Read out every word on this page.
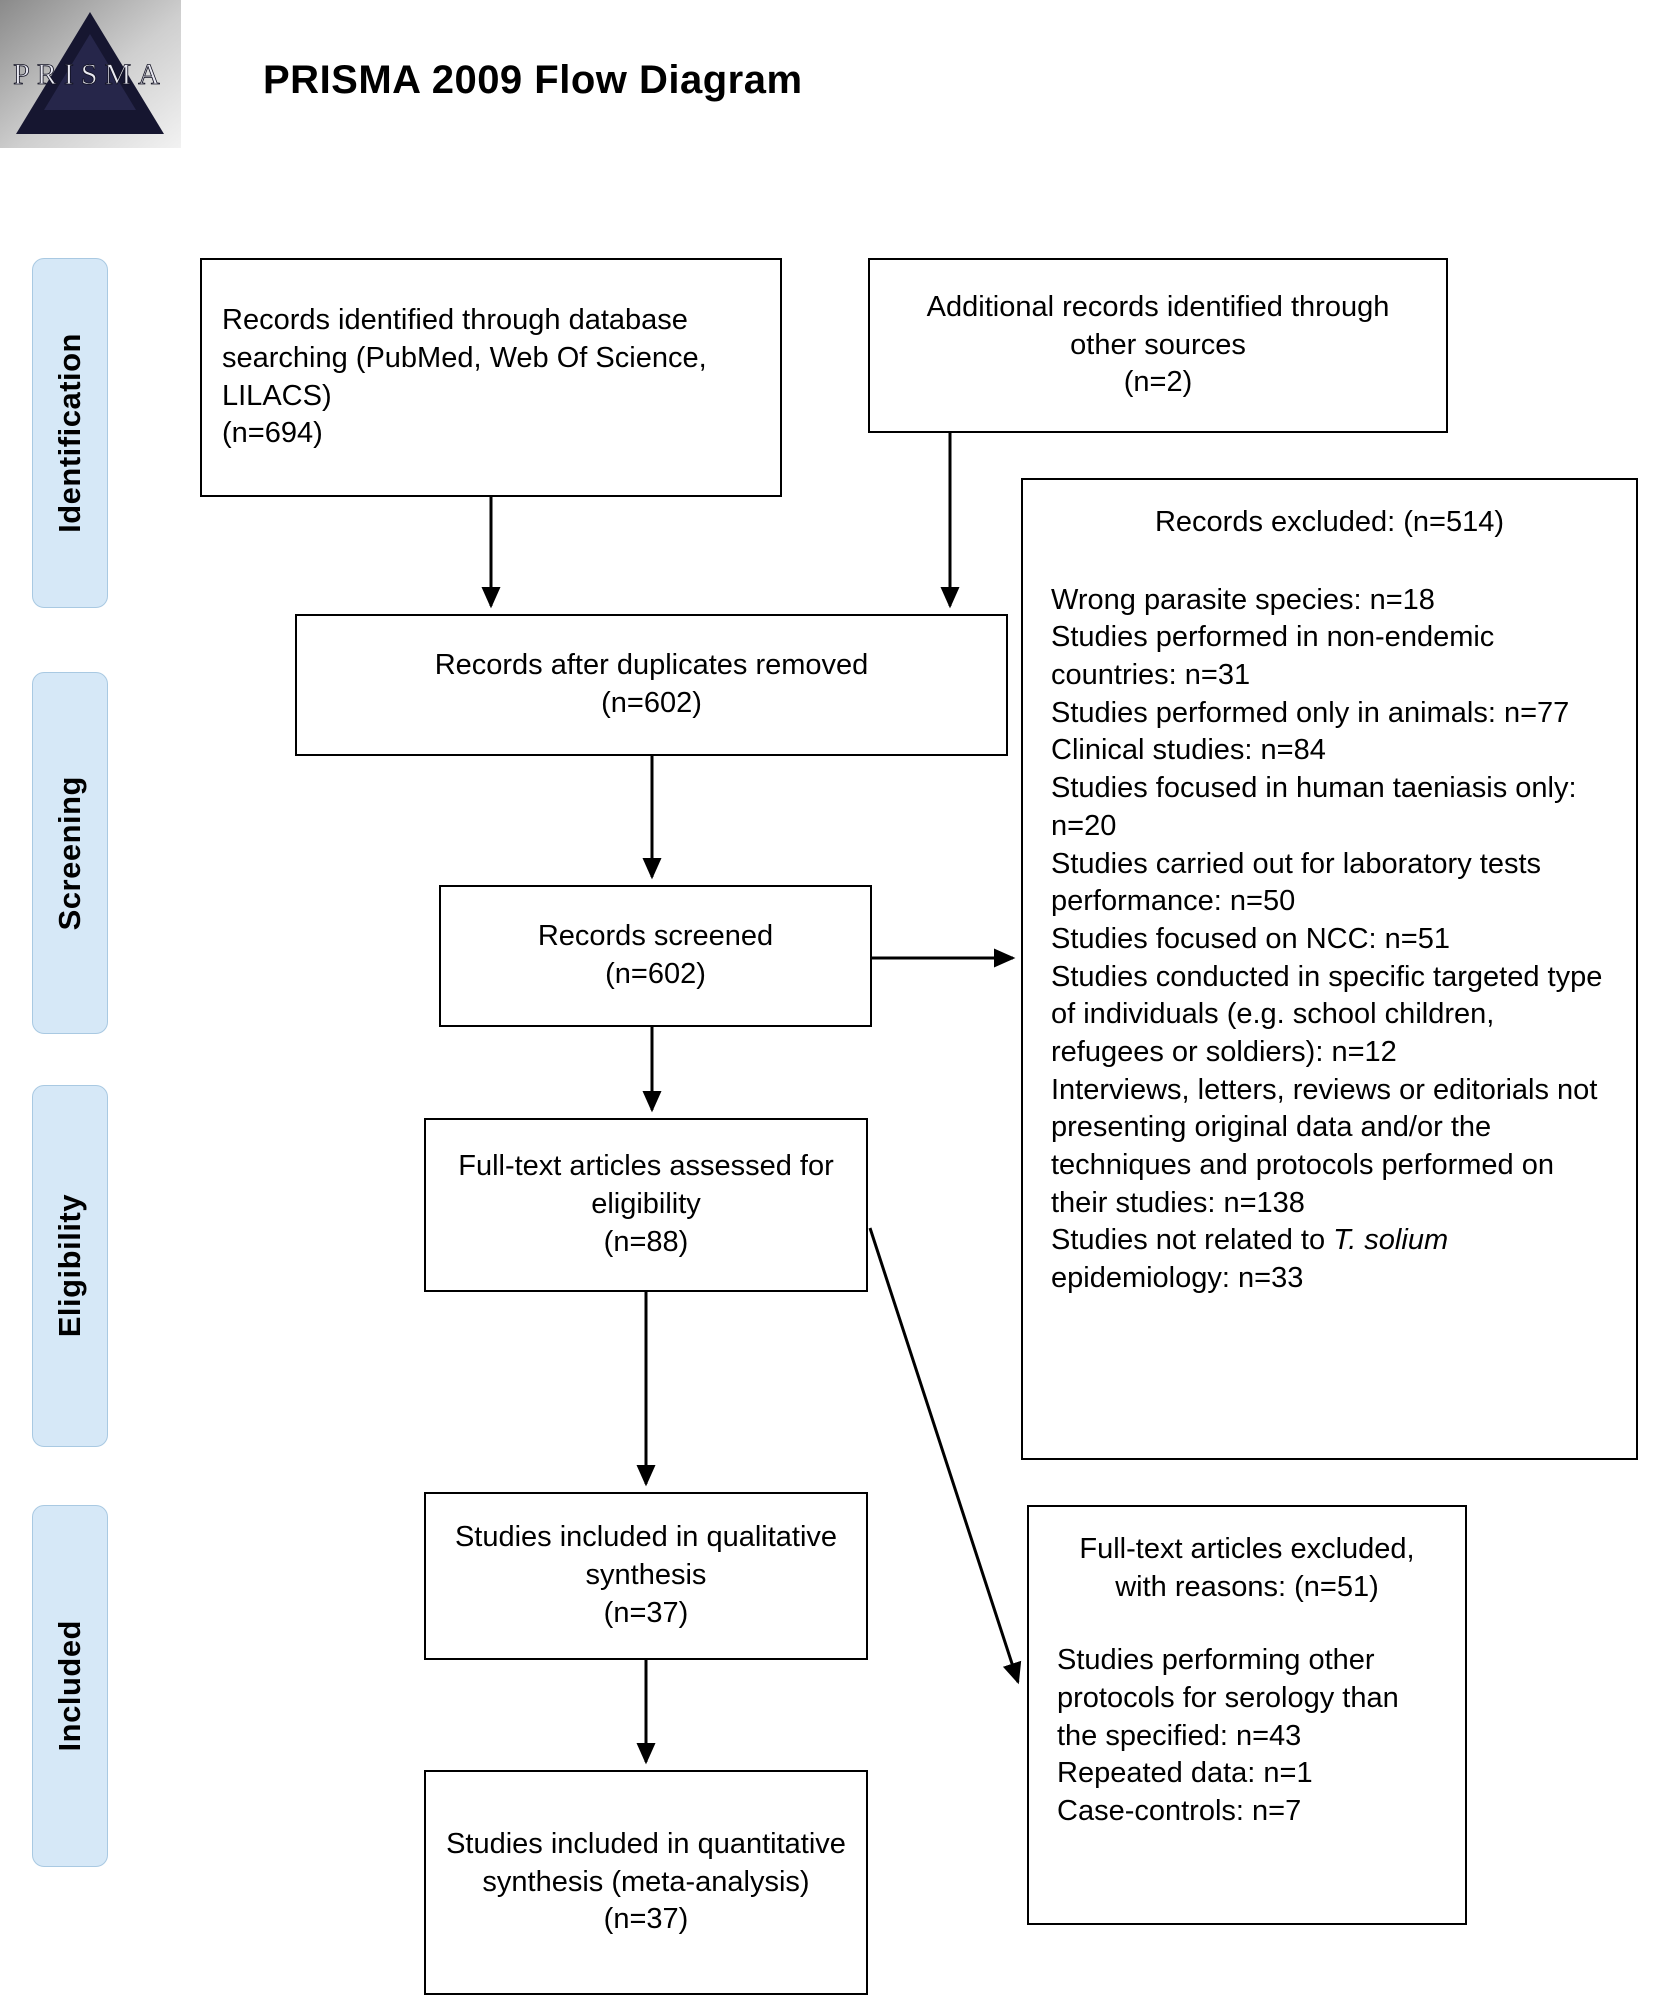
PRISMA PRISMA 2009 Flow Diagram
Identification
Screening
Eligibility
Included
Records identified through database searching (PubMed, Web Of Science, LILACS)
(n=694)
Additional records identified through other sources
(n=2)
Records after duplicates removed
(n=602)
Records screened
(n=602)
Records excluded: (n=514)
Wrong parasite species: n=18
Studies performed in non-endemic countries: n=31
Studies performed only in animals: n=77
Clinical studies: n=84
Studies focused in human taeniasis only: n=20
Studies carried out for laboratory tests performance: n=50
Studies focused on NCC: n=51
Studies conducted in specific targeted type of individuals (e.g. school children, refugees or soldiers): n=12
Interviews, letters, reviews or editorials not presenting original data and/or the techniques and protocols performed on their studies: n=138
Studies not related to T. solium epidemiology: n=33
Full-text articles assessed for eligibility
(n=88)
Studies included in qualitative synthesis
(n=37)
Full-text articles excluded, with reasons: (n=51)
Studies performing other protocols for serology than the specified: n=43
Repeated data: n=1
Case-controls: n=7
Studies included in quantitative synthesis (meta-analysis)
(n=37)
